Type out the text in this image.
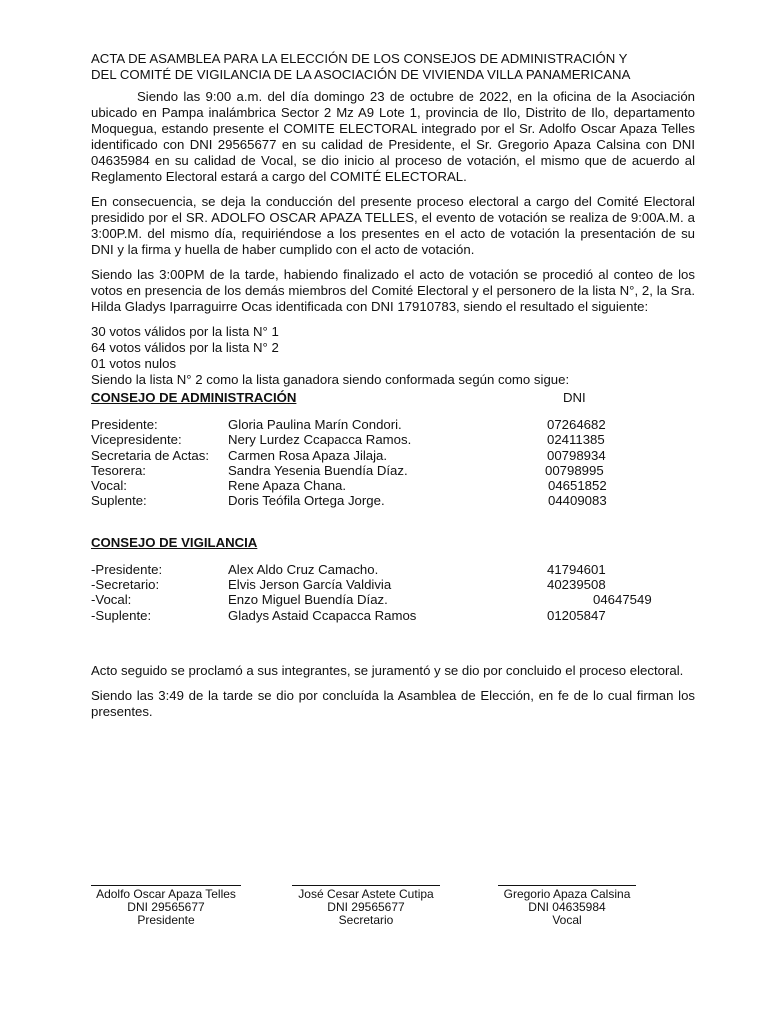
ACTA DE ASAMBLEA PARA LA ELECCIÓN DE LOS CONSEJOS DE ADMINISTRACIÓN Y
DEL COMITÉ DE VIGILANCIA DE LA ASOCIACIÓN DE VIVIENDA VILLA PANAMERICANA

Siendo las 9:00 a.m. del día domingo 23 de octubre de 2022, en la oficina de la Asociación ubicado en Pampa inalámbrica Sector 2 Mz A9 Lote 1, provincia de Ilo, Distrito de Ilo, departamento Moquegua, estando presente el COMITE ELECTORAL integrado por el Sr. Adolfo Oscar Apaza Telles identificado con DNI 29565677 en su calidad de Presidente, el Sr. Gregorio Apaza Calsina con DNI 04635984 en su calidad de Vocal, se dio inicio al proceso de votación, el mismo que de acuerdo al Reglamento Electoral estará a cargo del COMITÉ ELECTORAL.

En consecuencia, se deja la conducción del presente proceso electoral a cargo del Comité Electoral presidido por el SR. ADOLFO OSCAR APAZA TELLES, el evento de votación se realiza de 9:00A.M. a 3:00P.M. del mismo día, requiriéndose a los presentes en el acto de votación la presentación de su DNI y la firma y huella de haber cumplido con el acto de votación.

Siendo las 3:00PM de la tarde, habiendo finalizado el acto de votación se procedió al conteo de los votos en presencia de los demás miembros del Comité Electoral y el personero de la lista N°, 2, la Sra. Hilda Gladys Iparraguirre Ocas identificada con DNI 17910783, siendo el resultado el siguiente:

30 votos válidos por la lista N° 1
64 votos válidos por la lista N° 2
01 votos nulos
Siendo la lista N° 2 como la lista ganadora siendo conformada según como sigue:
CONSEJO DE ADMINISTRACIÓN	DNI
Presidente:	Gloria Paulina Marín Condori.	07264682
Vicepresidente:	Nery Lurdez Ccapacca Ramos.	02411385
Secretaria de Actas: Carmen Rosa Apaza Jilaja.	00798934
Tesorera:	Sandra Yesenia Buendía Díaz.	00798995
Vocal:	Rene Apaza Chana.	04651852
Suplente:	Doris Teófila Ortega Jorge.	04409083
CONSEJO DE VIGILANCIA
-Presidente:	Alex Aldo Cruz Camacho.	41794601
-Secretario:	Elvis Jerson García Valdivia	40239508
-Vocal:	Enzo Miguel Buendía Díaz.	04647549
-Suplente:	Gladys Astaid Ccapacca Ramos	01205847

Acto seguido se proclamó a sus integrantes, se juramentó y se dio por concluido el proceso electoral.

Siendo las 3:49 de la tarde se dio por concluída la Asamblea de Elección, en fe de lo cual firman los presentes.

Adolfo Oscar Apaza Telles
DNI 29565677
Presidente
José Cesar Astete Cutipa
DNI 29565677
Secretario
Gregorio Apaza Calsina
DNI 04635984
Vocal
